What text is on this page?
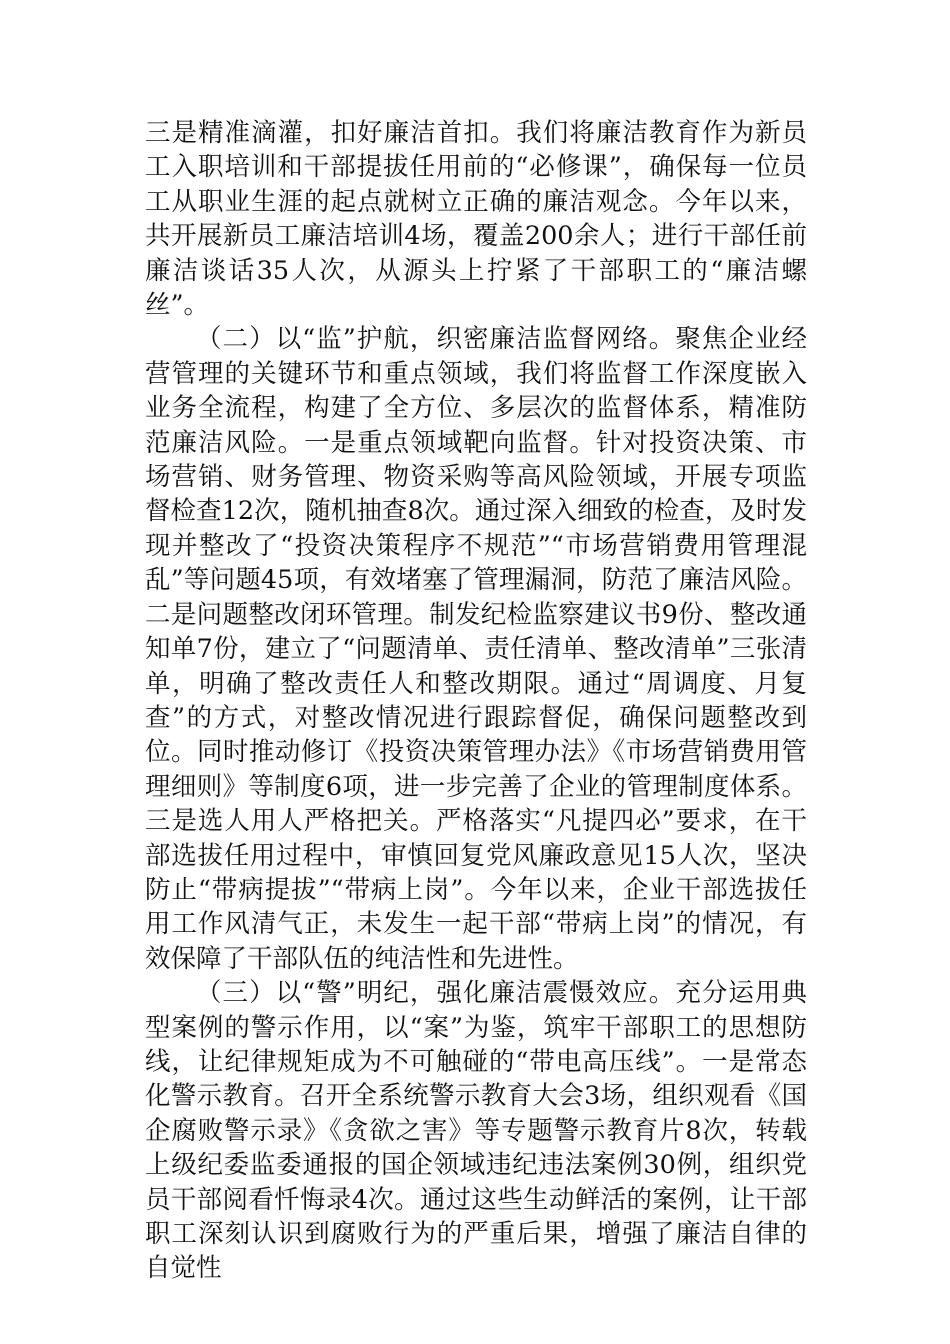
三是精准滴灌，扣好廉洁首扣。我们将廉洁教育作为新员工入职培训和干部提拔任用前的“必修课”，确保每一位员工从职业生涯的起点就树立正确的廉洁观念。今年以来，共开展新员工廉洁培训4场，覆盖200余人；进行干部任前廉洁谈话35人次，从源头上拧紧了干部职工的“廉洁螺丝”。

（二）以“监”护航，织密廉洁监督网络。聚焦企业经营管理的关键环节和重点领域，我们将监督工作深度嵌入业务全流程，构建了全方位、多层次的监督体系，精准防范廉洁风险。一是重点领域靶向监督。针对投资决策、市场营销、财务管理、物资采购等高风险领域，开展专项监督检查12次，随机抽查8次。通过深入细致的检查，及时发现并整改了“投资决策程序不规范”“市场营销费用管理混乱”等问题45项，有效堵塞了管理漏洞，防范了廉洁风险。二是问题整改闭环管理。制发纪检监察建议书9份、整改通知单7份，建立了“问题清单、责任清单、整改清单”三张清单，明确了整改责任人和整改期限。通过“周调度、月复查”的方式，对整改情况进行跟踪督促，确保问题整改到位。同时推动修订《投资决策管理办法》《市场营销费用管理细则》等制度6项，进一步完善了企业的管理制度体系。三是选人用人严格把关。严格落实“凡提四必”要求，在干部选拔任用过程中，审慎回复党风廉政意见15人次，坚决防止“带病提拔”“带病上岗”。今年以来，企业干部选拔任用工作风清气正，未发生一起干部“带病上岗”的情况，有效保障了干部队伍的纯洁性和先进性。

（三）以“警”明纪，强化廉洁震慑效应。充分运用典型案例的警示作用，以“案”为鉴，筑牢干部职工的思想防线，让纪律规矩成为不可触碰的“带电高压线”。一是常态化警示教育。召开全系统警示教育大会3场，组织观看《国企腐败警示录》《贪欲之害》等专题警示教育片8次，转载上级纪委监委通报的国企领域违纪违法案例30例，组织党员干部阅看忏悔录4次。通过这些生动鲜活的案例，让干部职工深刻认识到腐败行为的严重后果，增强了廉洁自律的自觉性
